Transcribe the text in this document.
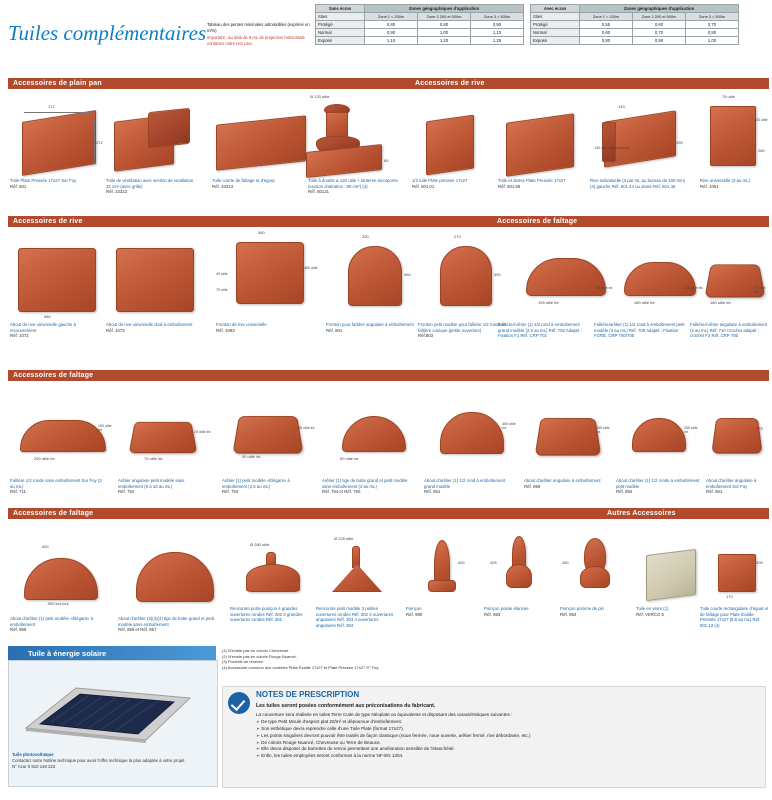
Tuiles complémentaires Tableau des pentes minimales admissibles (exprimé en m/m)
Important : au delà de 8 mL de projection horizontale contacter notre Hot Line.
Sans écran	Zones géographiques d'application		
Sites	Zone 1 < 200m	Zone 2 200 et 500m	Zone 3 > 500m
Protégé	0,80	0,80	0,90
Normal	0,90	1,00	1,10
Exposé	1,10	1,20	1,25
Avec écran	Zones géographiques d'application		
Sites	Zone 1 < 200m	Zone 2 200 et 500m	Zone 3 > 500m
Protégé	0,55	0,60	0,70
Normal	0,60	0,70	0,80
Exposé	0,80	0,90	1,00
Accessoires de plain pan	Accessoires de rive
Accessoires de rive	Accessoires de faîtage
Accessoires de faîtage
Accessoires de faîtage	Autres Accessoires
172
272
Tuile Plate Pressée 17x27 Sur Foy
Réf. 501
Tuile de ventilation avec section de ventilation 32 cm² (avec grille)
Réf. 33322
Tuile courte de faîtage et d'égout
Réf. 33313
Ø 120 utile
85
Tuile à double ø 120 utile + lanterne incorporée (section d'aération : 80 cm²) (4)
Réf. 50131
1/2 tuile Plate pressée 17x27
Réf. 501.01
Tuile et demie Plate Pressée 17x27
Réf. 501.95
143
140 utile devant tenon
190
Rive individuelle (3 par mL au bureau de 100 mm) (4) gauche Réf. 501.44 ou droite Réf. 501.45
75 utile
230 utile
260
Rive universelle (3 au mL)
Réf. 1051
360
About de rive universelle gauche à recouvrement
Réf. 1072
About de rive universelle droit à emboîtement
Réf. 1073
360
40 utile
460 utile
70 utile
Fronton de rive universelle
Réf. 1083
290
360
Fronton pour faîtière angulaire à emboîtement
Réf. 801
270
350
Fronton petit modèle pour faîtière 1/2 ronde et faîtière conique (petite ouverture)
Réf.803
195 utile int.
63 utile int.
Faîtière/Arêtier (1) 1/2 rond à emboîtement grand modèle (2,5 au mL) Réf. 702 Adapté : Fixation F1 Réf. CRP 702
180 utile int.
50 utile int.
Faîtière/arêtier (1) 1/2 rond à emboîtement petit modèle (3 au mL) Réf. 700 Adapté : Fixation FGRÉ. CRP 700/706
180 utile int.
77 utile int.
Faîtière/Arêtier angulaire à emboîtement (3 au mL) Réf. 710 Crochet adapté : crochet F3 Réf. CRP 705
200 utile int.
100 utile int.
Faîtière 1/2 ronde sans emboîtement Sur Foy (3 au mL)
Réf. 711
70 utile int.
25 utile int.
Arêtier angulaire petit modèle sans emboîtement (9 à 10 au mL)
Réf. 752
40 utile int.
90 utile int.
Arêtier (1) petit modèle «Élégant» à emboîtement (2,5 au mL)
Réf. 753
50 utile int.
Arêtier (1) tige de botte grand et petit modèle sans emboîtement (4 au mL)
Réf. 754 et Réf. 755
400 utile int.
About d'arêtier (1) 1/2 rond à emboîtement grand modèle
Réf. 851
335 utile int.
About d'arêtier angulaire à emboîtement
Réf. 859
335 utile int.
About d'arêtier (1) 1/2 ronde à emboîtement petit modèle
Réf. 850
275
About d'arêtier angulaire à emboîtement Sur Foy
Réf. 861
400
365 hors tout
About d'arêtier (1) petit modèle «Élégant» à emboîtement
Réf. 855
About d'arêtier (2)(3)(4) tige de botte grand et petit modèle sans emboîtement
Réf. 856 et Réf. 857
Ø 280 utile
Rencontre porte poinçon 4 grandes ouvertures rondes Réf. 302 3 grandes ouvertures rondes Réf. 301
Ø 225 utile
Rencontre petit modèle 3 petites ouvertures rondes Réf. 302 3 ouvertures angulaires Réf. 303 4 ouvertures angulaires Réf. 304
400
Poinçon
Réf. 980
425
Poinçon pointe élancée
Réf. 983
450
Poinçon pomme de pin
Réf. 984
Tuile en verre (1)
Réf. VERCO 6
205
170
Tuile courte rectangulaire d'égout et de faîtage pour Plate Écaille Pressée 17x27 [5,8 au mL] Réf. 501.13 (4)
(1) N'existe pas en coloris Chevreuse.
(2) N'existe pas en coloris Rouge Nuancé.
(3) Produits de revente.
(4) Accessoire commun aux modèles Plate Écaille 17x27 et Plate Pressée 17x27 S° Foy.
Tuile à énergie solaire
Tuile photovoltaïque
Contactez notre hotline technique pour avoir l'offre technique la plus adaptée à votre projet.
N° Azur 0 810 148 223
NOTES DE PRESCRIPTION
Les tuiles seront posées conformément aux préconisations du fabricant.
La couverture sera réalisée en tuiles Terre Cuite de type Néoplate ou équivalente et disposant des caractéristiques suivantes :
➢ De type Petit Moule d'aspect plat 20/m² et dépourvue d'emboîtement.
➢ Son esthétique devra reprendre celle d'une Tuile Plate (format 17x27).
➢ Les points singuliers devront pouvoir être traités de façon classique (noue fermée, noue ouverte, arêtier fermé, rive débordante, etc.)
➢ De coloris Rouge Nuancé, Chevreuse ou Terre de Beauce.
➢ Elle devra disposer de barrettes de renvoi permettant une amélioration sensible de l'étanchéité.
➢ Enfin, les tuiles employées seront conformes à la norme NF-EN 1304.
